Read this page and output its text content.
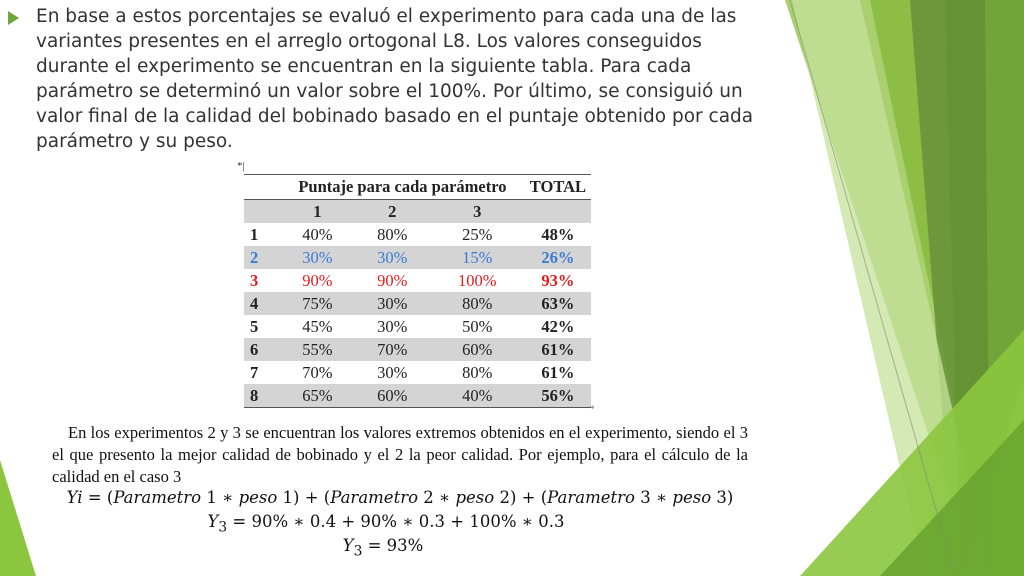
En base a estos porcentajes se evaluó el experimento para cada una de las variantes presentes en el arreglo ortogonal L8. Los valores conseguidos durante el experimento se encuentran en la siguiente tabla. Para cada parámetro se determinó un valor sobre el 100%. Por último, se consiguió un valor final de la calidad del bobinado basado en el puntaje obtenido por cada parámetro y su peso.

*|
	Puntaje para cada parámetro			TOTAL
	1	2	3	
1	40%	80%	25%	48%
2	30%	30%	15%	26%
3	90%	90%	100%	93%
4	75%	30%	80%	63%
5	45%	30%	50%	42%
6	55%	70%	60%	61%
7	70%	30%	80%	61%
8	65%	60%	40%	56%
*

En los experimentos 2 y 3 se encuentran los valores extremos obtenidos en el experimento, siendo el 3 el que presento la mejor calidad de bobinado y el 2 la peor calidad. Por ejemplo, para el cálculo de la calidad en el caso 3

Yi = (Parametro 1 ∗ peso 1) + (Parametro 2 ∗ peso 2) + (Parametro 3 ∗ peso 3)
$Y_3 = 90\%$ ∗ 0.4 + 90% ∗ 0.3 + 100% ∗ 0.3
$Y_3 = 93\%$
